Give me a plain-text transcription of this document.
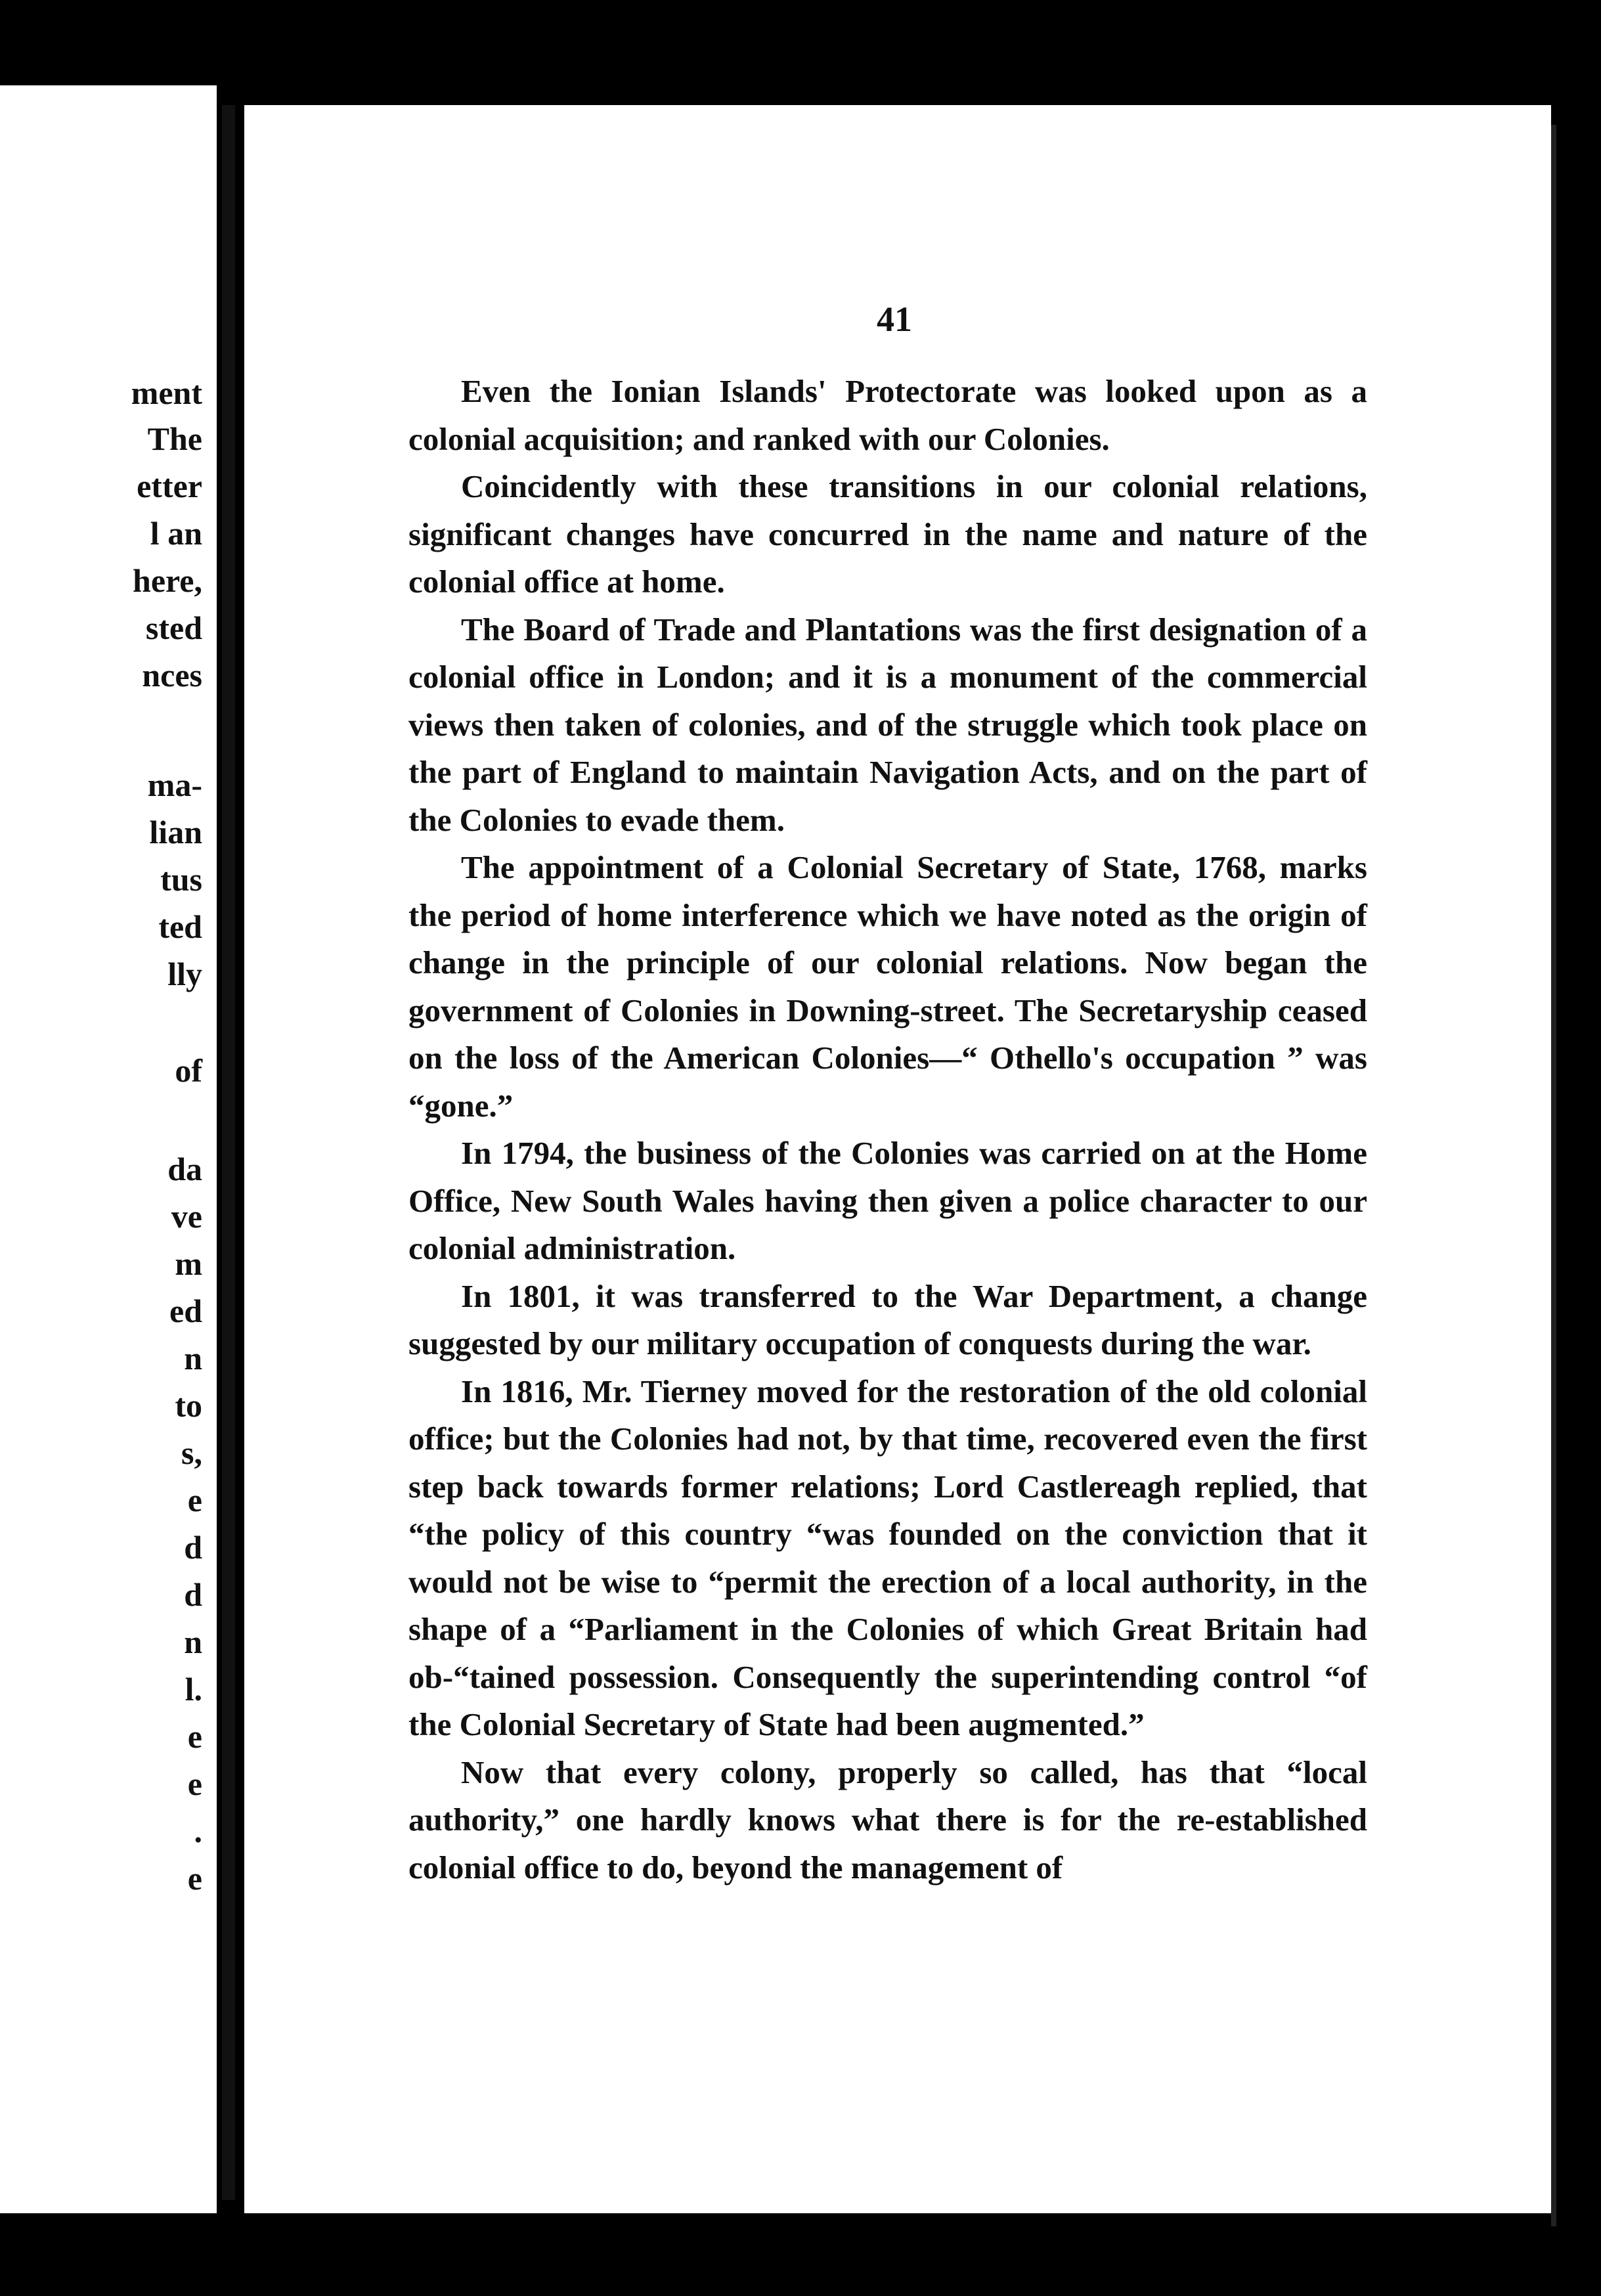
ment
The
etter
l an
here,
sted
nces
ma-
lian
tus
ted
lly
of
da
ve
m
ed
n
to
s,
e
d
d
n
l.
e
e
.
e
41

Even the Ionian Islands' Protectorate was looked upon as a colonial acquisition; and ranked with our Colonies.

Coincidently with these transitions in our colonial relations, significant changes have concurred in the name and nature of the colonial office at home.

The Board of Trade and Plantations was the first designation of a colonial office in London; and it is a monument of the commercial views then taken of colonies, and of the struggle which took place on the part of England to maintain Navigation Acts, and on the part of the Colonies to evade them.

The appointment of a Colonial Secretary of State, 1768, marks the period of home interference which we have noted as the origin of change in the principle of our colonial relations. Now began the government of Colonies in Downing-street. The Secretaryship ceased on the loss of the American Colonies—“ Othello's occupation ” was “gone.”

In 1794, the business of the Colonies was carried on at the Home Office, New South Wales having then given a police character to our colonial administration.

In 1801, it was transferred to the War Department, a change suggested by our military occupation of conquests during the war.

In 1816, Mr. Tierney moved for the restoration of the old colonial office; but the Colonies had not, by that time, recovered even the first step back towards former relations; Lord Castlereagh replied, that “the policy of this country “was founded on the conviction that it would not be wise to “permit the erection of a local authority, in the shape of a “Parliament in the Colonies of which Great Britain had ob-“tained possession. Consequently the superintending control “of the Colonial Secretary of State had been augmented.”

Now that every colony, properly so called, has that “local authority,” one hardly knows what there is for the re-established colonial office to do, beyond the management of
